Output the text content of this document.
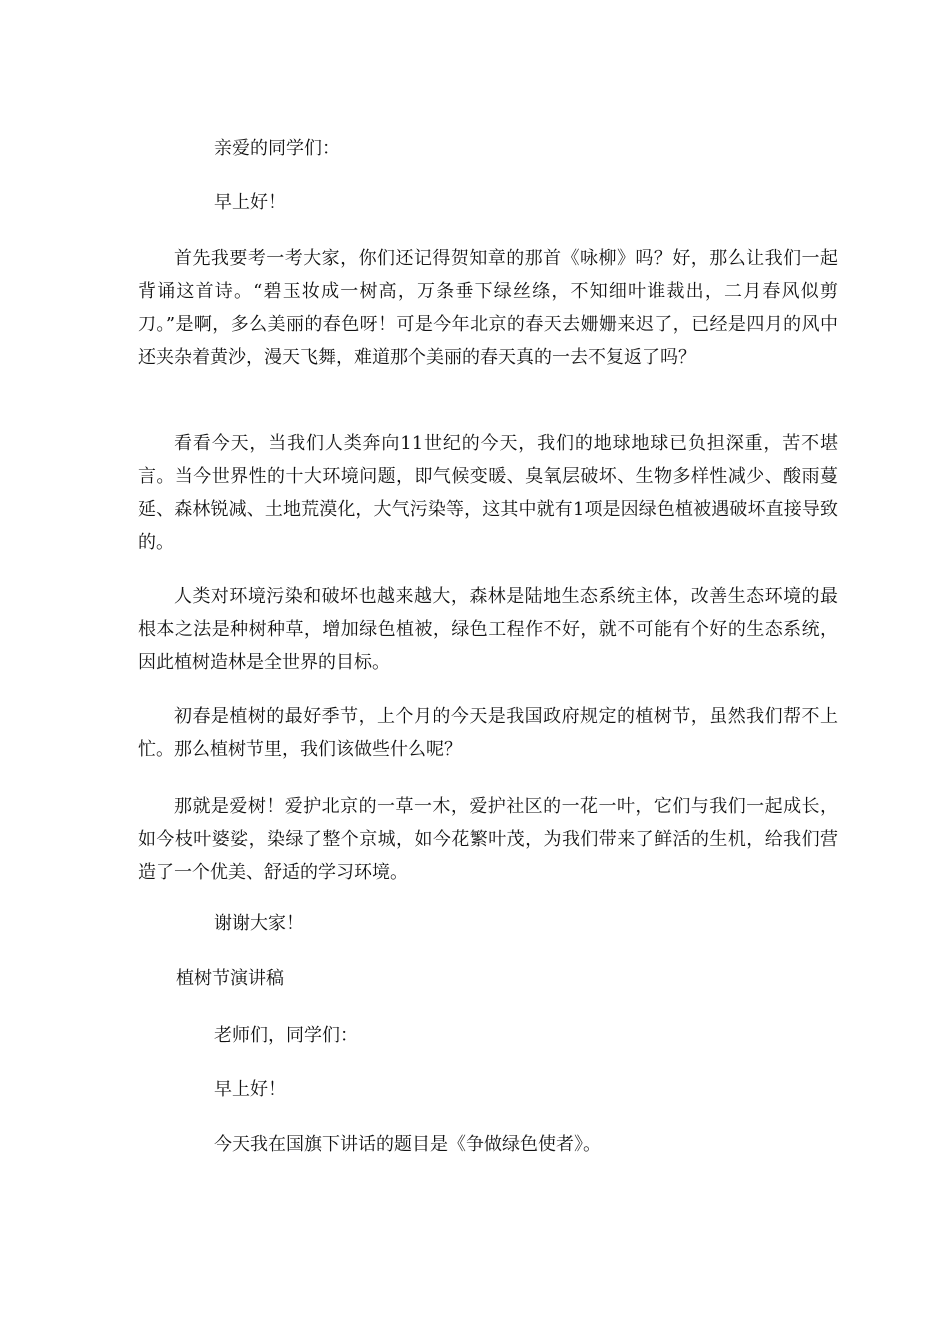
亲爱的同学们：

早上好！

首先我要考一考大家，你们还记得贺知章的那首《咏柳》吗？好，那么让我们一起背诵这首诗。“碧玉妆成一树高，万条垂下绿丝绦，不知细叶谁裁出，二月春风似剪刀。”是啊，多么美丽的春色呀！可是今年北京的春天去姗姗来迟了，已经是四月的风中还夹杂着黄沙，漫天飞舞，难道那个美丽的春天真的一去不复返了吗？

看看今天，当我们人类奔向11世纪的今天，我们的地球地球已负担深重，苦不堪言。当今世界性的十大环境问题，即气候变暖、臭氧层破坏、生物多样性减少、酸雨蔓延、森林锐减、土地荒漠化，大气污染等，这其中就有1项是因绿色植被遇破坏直接导致的。

人类对环境污染和破坏也越来越大，森林是陆地生态系统主体，改善生态环境的最根本之法是种树种草，增加绿色植被，绿色工程作不好，就不可能有个好的生态系统，因此植树造林是全世界的目标。

初春是植树的最好季节，上个月的今天是我国政府规定的植树节，虽然我们帮不上忙。那么植树节里，我们该做些什么呢？

那就是爱树！爱护北京的一草一木，爱护社区的一花一叶，它们与我们一起成长，如今枝叶婆娑，染绿了整个京城，如今花繁叶茂，为我们带来了鲜活的生机，给我们营造了一个优美、舒适的学习环境。

谢谢大家！

植树节演讲稿

老师们，同学们：

早上好！

今天我在国旗下讲话的题目是《争做绿色使者》。
